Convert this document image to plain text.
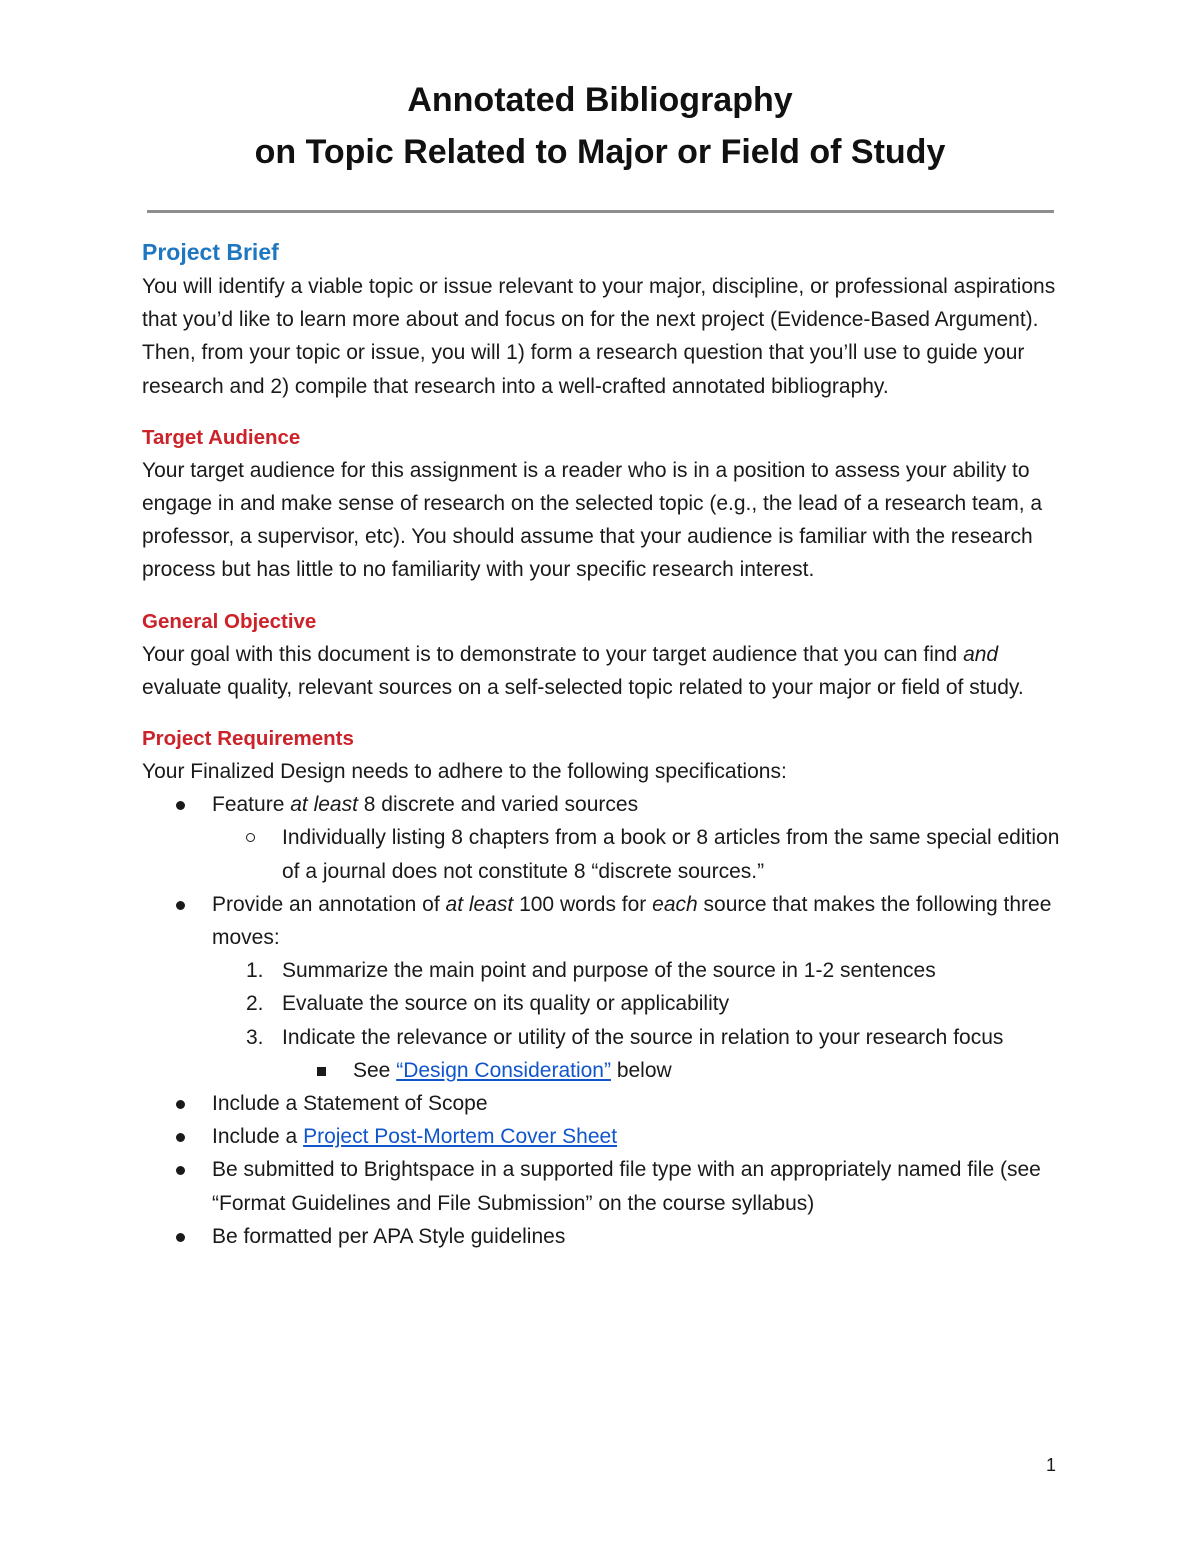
Annotated Bibliography
on Topic Related to Major or Field of Study
Project Brief

You will identify a viable topic or issue relevant to your major, discipline, or professional aspirations that you’d like to learn more about and focus on for the next project (Evidence-Based Argument). Then, from your topic or issue, you will 1) form a research question that you’ll use to guide your research and 2) compile that research into a well-crafted annotated bibliography.

Target Audience

Your target audience for this assignment is a reader who is in a position to assess your ability to engage in and make sense of research on the selected topic (e.g., the lead of a research team, a professor, a supervisor, etc). You should assume that your audience is familiar with the research process but has little to no familiarity with your specific research interest.

General Objective

Your goal with this document is to demonstrate to your target audience that you can find and evaluate quality, relevant sources on a self-selected topic related to your major or field of study.

Project Requirements

Your Finalized Design needs to adhere to the following specifications:

Feature at least 8 discrete and varied sources
Individually listing 8 chapters from a book or 8 articles from the same special edition of a journal does not constitute 8 “discrete sources.”
Provide an annotation of at least 100 words for each source that makes the following three moves:
1. Summarize the main point and purpose of the source in 1-2 sentences
2. Evaluate the source on its quality or applicability
3. Indicate the relevance or utility of the source in relation to your research focus
See “Design Consideration” below
Include a Statement of Scope
Include a Project Post-Mortem Cover Sheet
Be submitted to Brightspace in a supported file type with an appropriately named file (see “Format Guidelines and File Submission” on the course syllabus)
Be formatted per APA Style guidelines
1
